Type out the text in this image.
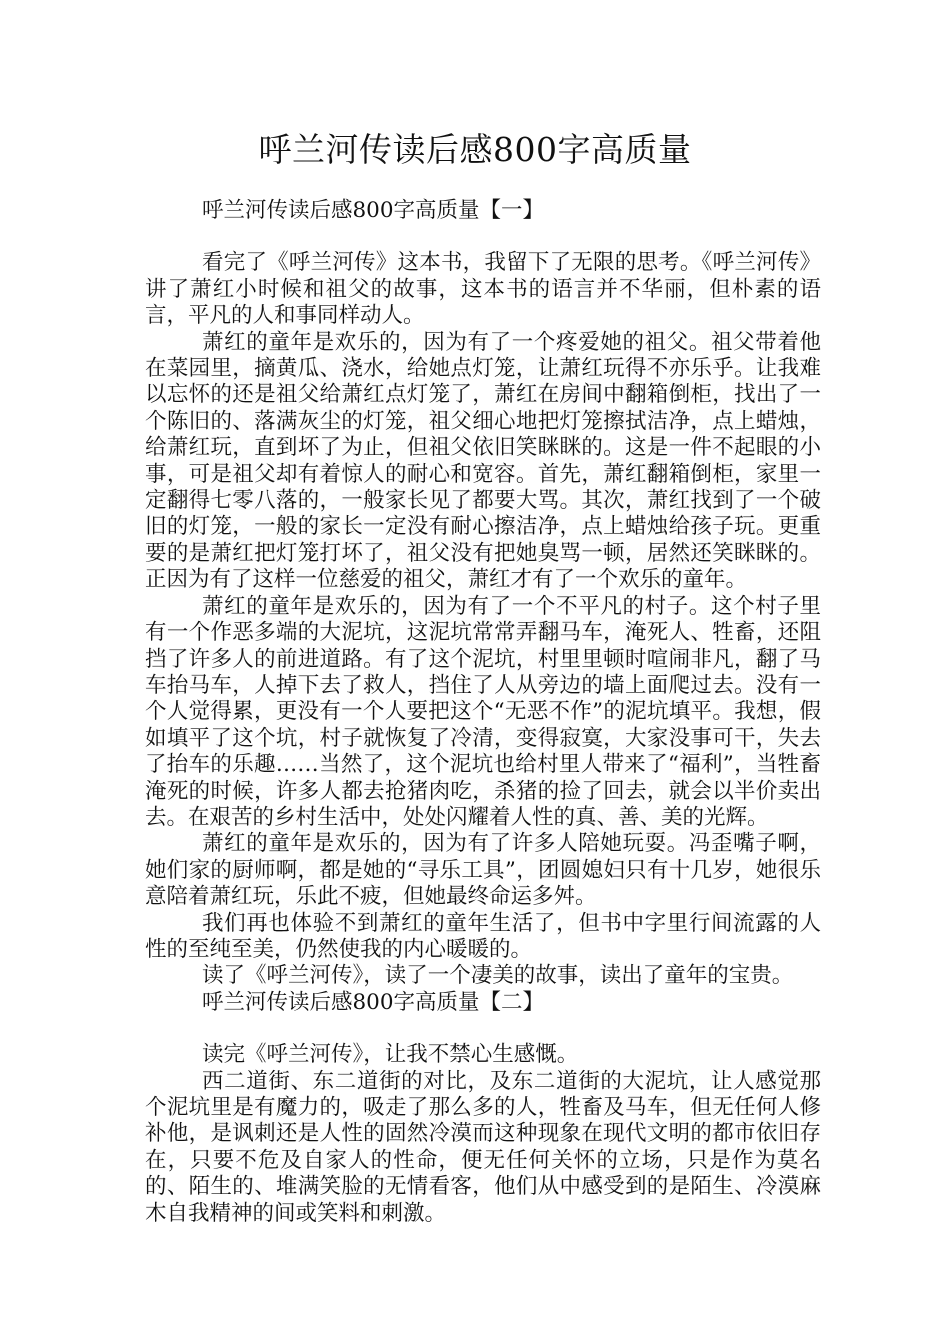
呼兰河传读后感800字高质量

呼兰河传读后感800字高质量【一】

看完了《呼兰河传》这本书，我留下了无限的思考。《呼兰河传》讲了萧红小时候和祖父的故事，这本书的语言并不华丽，但朴素的语言，平凡的人和事同样动人。

萧红的童年是欢乐的，因为有了一个疼爱她的祖父。祖父带着他在菜园里，摘黄瓜、浇水，给她点灯笼，让萧红玩得不亦乐乎。让我难以忘怀的还是祖父给萧红点灯笼了，萧红在房间中翻箱倒柜，找出了一个陈旧的、落满灰尘的灯笼，祖父细心地把灯笼擦拭洁净，点上蜡烛，给萧红玩，直到坏了为止，但祖父依旧笑眯眯的。这是一件不起眼的小事，可是祖父却有着惊人的耐心和宽容。首先，萧红翻箱倒柜，家里一定翻得七零八落的，一般家长见了都要大骂。其次，萧红找到了一个破旧的灯笼，一般的家长一定没有耐心擦洁净，点上蜡烛给孩子玩。更重要的是萧红把灯笼打坏了，祖父没有把她臭骂一顿，居然还笑眯眯的。正因为有了这样一位慈爱的祖父，萧红才有了一个欢乐的童年。

萧红的童年是欢乐的，因为有了一个不平凡的村子。这个村子里有一个作恶多端的大泥坑，这泥坑常常弄翻马车，淹死人、牲畜，还阻挡了许多人的前进道路。有了这个泥坑，村里里顿时喧闹非凡，翻了马车抬马车，人掉下去了救人，挡住了人从旁边的墙上面爬过去。没有一个人觉得累，更没有一个人要把这个“无恶不作”的泥坑填平。我想，假如填平了这个坑，村子就恢复了冷清，变得寂寞，大家没事可干，失去了抬车的乐趣……当然了，这个泥坑也给村里人带来了“福利”，当牲畜淹死的时候，许多人都去抢猪肉吃，杀猪的捡了回去，就会以半价卖出去。在艰苦的乡村生活中，处处闪耀着人性的真、善、美的光辉。

萧红的童年是欢乐的，因为有了许多人陪她玩耍。冯歪嘴子啊，她们家的厨师啊，都是她的“寻乐工具”，团圆媳妇只有十几岁，她很乐意陪着萧红玩，乐此不疲，但她最终命运多舛。

我们再也体验不到萧红的童年生活了，但书中字里行间流露的人性的至纯至美，仍然使我的内心暖暖的。

读了《呼兰河传》，读了一个凄美的故事，读出了童年的宝贵。

呼兰河传读后感800字高质量【二】

读完《呼兰河传》，让我不禁心生感慨。

西二道街、东二道街的对比，及东二道街的大泥坑，让人感觉那个泥坑里是有魔力的，吸走了那么多的人，牲畜及马车，但无任何人修补他，是讽刺还是人性的固然冷漠而这种现象在现代文明的都市依旧存在，只要不危及自家人的性命，便无任何关怀的立场，只是作为莫名的、陌生的、堆满笑脸的无情看客，他们从中感受到的是陌生、冷漠麻木自我精神的间或笑料和刺激。
